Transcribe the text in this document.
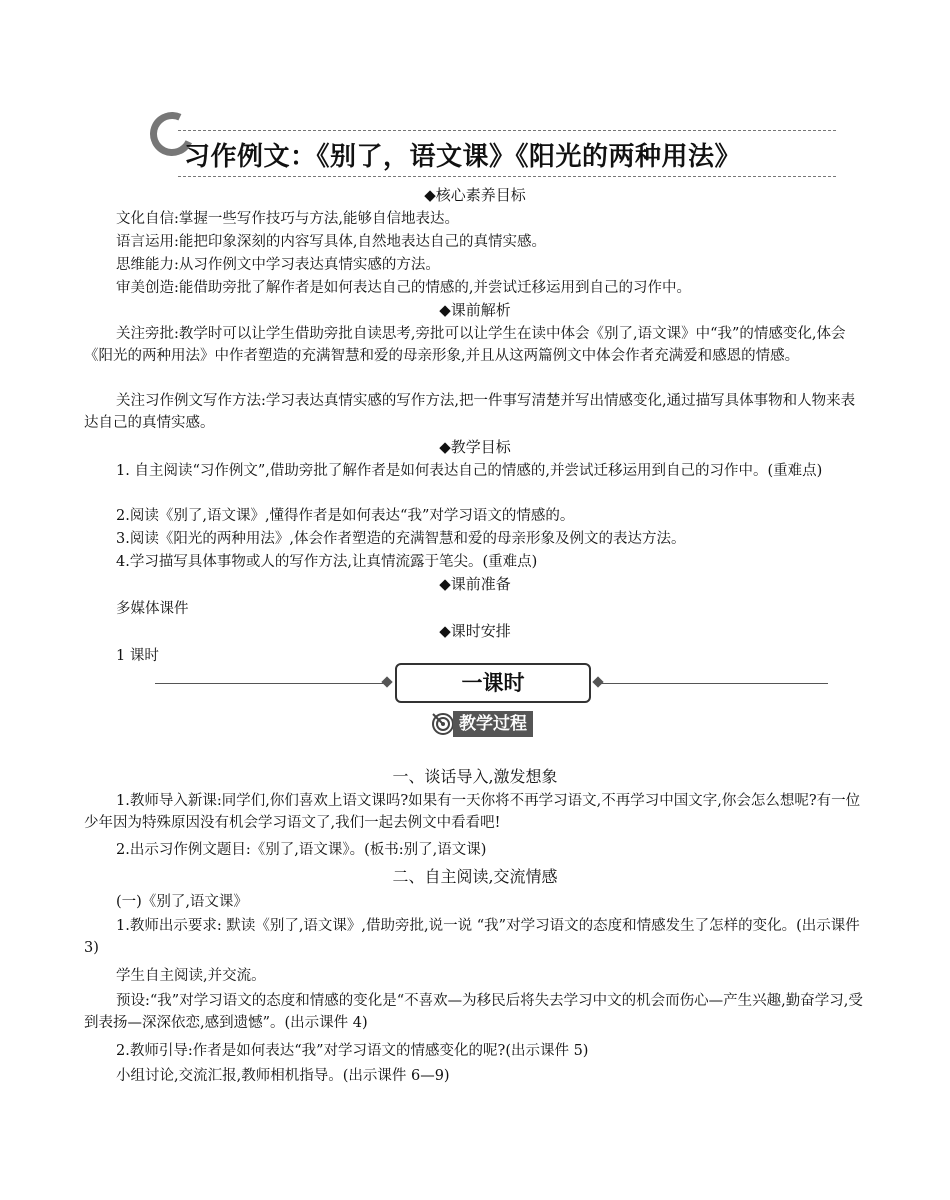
习作例文：《别了，语文课》《阳光的两种用法》
◆核心素养目标
文化自信:掌握一些写作技巧与方法,能够自信地表达。
语言运用:能把印象深刻的内容写具体,自然地表达自己的真情实感。
思维能力:从习作例文中学习表达真情实感的方法。
审美创造:能借助旁批了解作者是如何表达自己的情感的,并尝试迁移运用到自己的习作中。
◆课前解析
关注旁批:教学时可以让学生借助旁批自读思考,旁批可以让学生在读中体会《别了,语文课》中“我”的情感变化,体会《阳光的两种用法》中作者塑造的充满智慧和爱的母亲形象,并且从这两篇例文中体会作者充满爱和感恩的情感。
关注习作例文写作方法:学习表达真情实感的写作方法,把一件事写清楚并写出情感变化,通过描写具体事物和人物来表达自己的真情实感。
◆教学目标
1. 自主阅读“习作例文”,借助旁批了解作者是如何表达自己的情感的,并尝试迁移运用到自己的习作中。(重难点)
2.阅读《别了,语文课》,懂得作者是如何表达“我”对学习语文的情感的。
3.阅读《阳光的两种用法》,体会作者塑造的充满智慧和爱的母亲形象及例文的表达方法。
4.学习描写具体事物或人的写作方法,让真情流露于笔尖。(重难点)
◆课前准备
多媒体课件
◆课时安排
1 课时
一课时
教学过程
一、谈话导入,激发想象
1.教师导入新课:同学们,你们喜欢上语文课吗?如果有一天你将不再学习语文,不再学习中国文字,你会怎么想呢?有一位少年因为特殊原因没有机会学习语文了,我们一起去例文中看看吧!
2.出示习作例文题目:《别了,语文课》。(板书:别了,语文课)
二、自主阅读,交流情感
(一)《别了,语文课》
1.教师出示要求: 默读《别了,语文课》,借助旁批,说一说 “我”对学习语文的态度和情感发生了怎样的变化。(出示课件 3)
学生自主阅读,并交流。
预设:“我”对学习语文的态度和情感的变化是“不喜欢—为移民后将失去学习中文的机会而伤心—产生兴趣,勤奋学习,受到表扬—深深依恋,感到遗憾”。(出示课件 4)
2.教师引导:作者是如何表达“我”对学习语文的情感变化的呢?(出示课件 5)
小组讨论,交流汇报,教师相机指导。(出示课件 6—9)
